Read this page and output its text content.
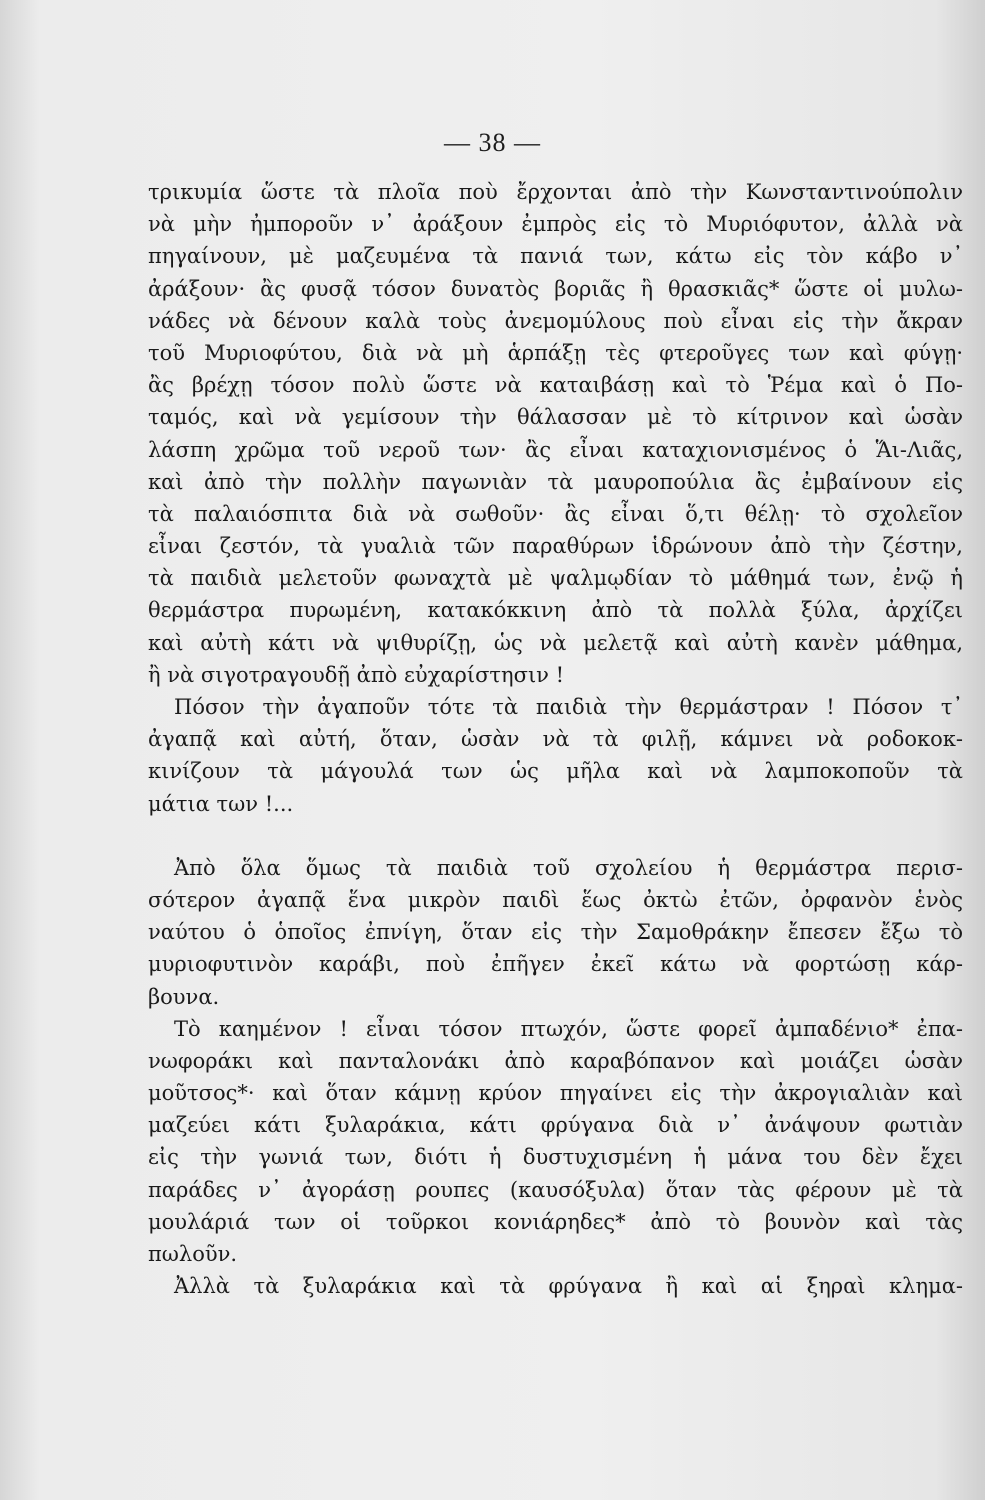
— 38 —
τρικυμία ὥστε τὰ πλοῖα ποὺ ἔρχονται ἀπὸ τὴν Κωνσταντινούπολιν
νὰ μὴν ἠμποροῦν ν᾿ ἀράξουν ἐμπρὸς εἰς τὸ Μυριόφυτον, ἀλλὰ νὰ
πηγαίνουν, μὲ μαζευμένα τὰ πανιά των, κάτω εἰς τὸν κάβο ν᾿
ἀράξουν· ἂς φυσᾷ τόσον δυνατὸς βοριᾶς ἢ θρασκιᾶς* ὥστε οἱ μυλω-
νάδες νὰ δένουν καλὰ τοὺς ἀνεμομύλους ποὺ εἶναι εἰς τὴν ἄκραν
τοῦ Μυριοφύτου, διὰ νὰ μὴ ἁρπάξῃ τὲς φτεροῦγες των καὶ φύγῃ·
ἂς βρέχῃ τόσον πολὺ ὥστε νὰ καταιβάσῃ καὶ τὸ Ῥέμα καὶ ὁ Πο-
ταμός, καὶ νὰ γεμίσουν τὴν θάλασσαν μὲ τὸ κίτρινον καὶ ὡσὰν
λάσπη χρῶμα τοῦ νεροῦ των· ἂς εἶναι καταχιονισμένος ὁ Ἅι-Λιᾶς,
καὶ ἀπὸ τὴν πολλὴν παγωνιὰν τὰ μαυροπούλια ἂς ἐμβαίνουν εἰς
τὰ παλαιόσπιτα διὰ νὰ σωθοῦν· ἂς εἶναι ὅ,τι θέλῃ· τὸ σχολεῖον
εἶναι ζεστόν, τὰ γυαλιὰ τῶν παραθύρων ἱδρώνουν ἀπὸ τὴν ζέστην,
τὰ παιδιὰ μελετοῦν φωναχτὰ μὲ ψαλμῳδίαν τὸ μάθημά των, ἐνῷ ἡ
θερμάστρα πυρωμένη, κατακόκκινη ἀπὸ τὰ πολλὰ ξύλα, ἀρχίζει
καὶ αὐτὴ κάτι νὰ ψιθυρίζῃ, ὡς νὰ μελετᾷ καὶ αὐτὴ κανὲν μάθημα,
ἢ νὰ σιγοτραγουδῇ ἀπὸ εὐχαρίστησιν !
Πόσον τὴν ἀγαποῦν τότε τὰ παιδιὰ τὴν θερμάστραν ! Πόσον τ᾿
ἀγαπᾷ καὶ αὐτή, ὅταν, ὡσὰν νὰ τὰ φιλῇ, κάμνει νὰ ροδοκοκ-
κινίζουν τὰ μάγουλά των ὡς μῆλα καὶ νὰ λαμποκοποῦν τὰ
μάτια των !...
Ἀπὸ ὅλα ὅμως τὰ παιδιὰ τοῦ σχολείου ἡ θερμάστρα περισ-
σότερον ἀγαπᾷ ἕνα μικρὸν παιδὶ ἕως ὀκτὼ ἐτῶν, ὀρφανὸν ἑνὸς
ναύτου ὁ ὁποῖος ἐπνίγη, ὅταν εἰς τὴν Σαμοθράκην ἔπεσεν ἔξω τὸ
μυριοφυτινὸν καράβι, ποὺ ἐπῆγεν ἐκεῖ κάτω νὰ φορτώσῃ κάρ-
βουνα.
Τὸ καημένον ! εἶναι τόσον πτωχόν, ὥστε φορεῖ ἀμπαδένιο* ἐπα-
νωφοράκι καὶ πανταλονάκι ἀπὸ καραβόπανον καὶ μοιάζει ὡσὰν
μοῦτσος*· καὶ ὅταν κάμνῃ κρύον πηγαίνει εἰς τὴν ἀκρογιαλιὰν καὶ
μαζεύει κάτι ξυλαράκια, κάτι φρύγανα διὰ ν᾿ ἀνάψουν φωτιὰν
εἰς τὴν γωνιά των, διότι ἡ δυστυχισμένη ἡ μάνα του δὲν ἔχει
παράδες ν᾿ ἀγοράσῃ ρουπες (καυσόξυλα) ὅταν τὰς φέρουν μὲ τὰ
μουλάριά των οἱ τοῦρκοι κονιάρηδες* ἀπὸ τὸ βουνὸν καὶ τὰς
πωλοῦν.
Ἀλλὰ τὰ ξυλαράκια καὶ τὰ φρύγανα ἢ καὶ αἱ ξηραὶ κλημα-
